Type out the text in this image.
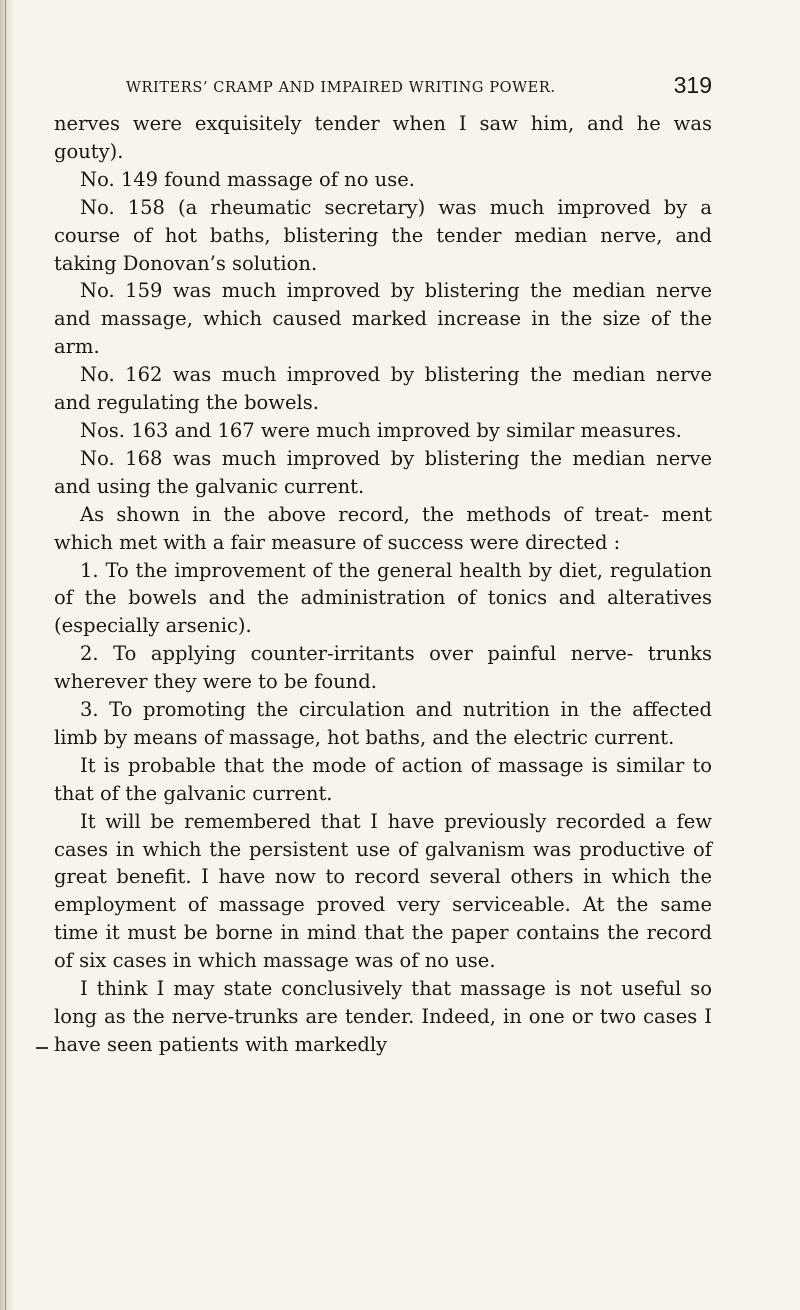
WRITERS’ CRAMP AND IMPAIRED WRITING POWER.	319

nerves were exquisitely tender when I saw him, and he was gouty).

No. 149 found massage of no use.

No. 158 (a rheumatic secretary) was much improved by a course of hot baths, blistering the tender median nerve, and taking Donovan’s solution.

No. 159 was much improved by blistering the median nerve and massage, which caused marked increase in the size of the arm.

No. 162 was much improved by blistering the median nerve and regulating the bowels.

Nos. 163 and 167 were much improved by similar measures.

No. 168 was much improved by blistering the median nerve and using the galvanic current.

As shown in the above record, the methods of treat- ment which met with a fair measure of success were directed :

1. To the improvement of the general health by diet, regulation of the bowels and the administration of tonics and alteratives (especially arsenic).

2. To applying counter-irritants over painful nerve- trunks wherever they were to be found.

3. To promoting the circulation and nutrition in the affected limb by means of massage, hot baths, and the electric current.

It is probable that the mode of action of massage is similar to that of the galvanic current.

It will be remembered that I have previously recorded a few cases in which the persistent use of galvanism was productive of great benefit. I have now to record several others in which the employment of massage proved very serviceable. At the same time it must be borne in mind that the paper contains the record of six cases in which massage was of no use.

I think I may state conclusively that massage is not useful so long as the nerve-trunks are tender. Indeed, in one or two cases I have seen patients with markedly
